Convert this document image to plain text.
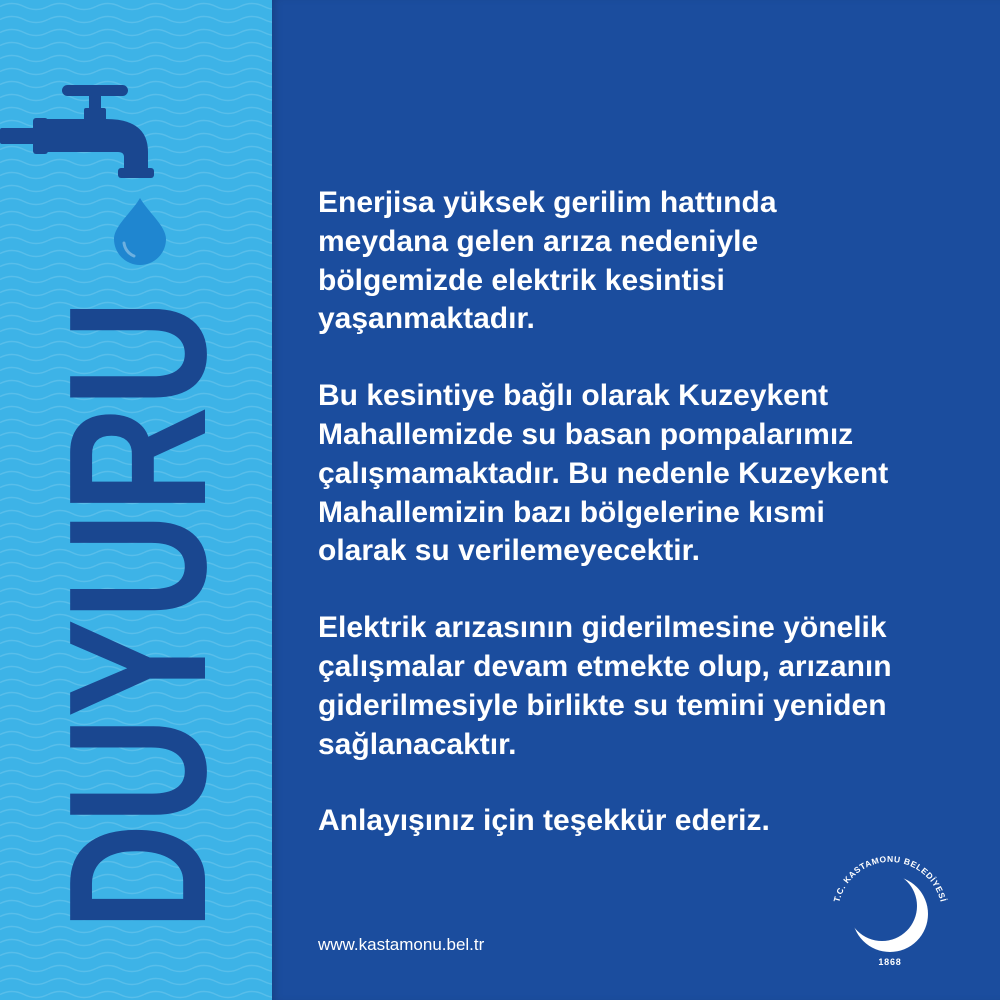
DUYURU Enerjisa yüksek gerilim hattında
meydana gelen arıza nedeniyle
bölgemizde elektrik kesintisi
yaşanmaktadır.
Bu kesintiye bağlı olarak Kuzeykent
Mahallemizde su basan pompalarımız
çalışmamaktadır. Bu nedenle Kuzeykent
Mahallemizin bazı bölgelerine kısmi
olarak su verilemeyecektir.
Elektrik arızasının giderilmesine yönelik
çalışmalar devam etmekte olup, arızanın
giderilmesiyle birlikte su temini yeniden
sağlanacaktır.
Anlayışınız için teşekkür ederiz.
www.kastamonu.bel.tr
T.C. KASTAMONU BELEDİYESİ
1868
